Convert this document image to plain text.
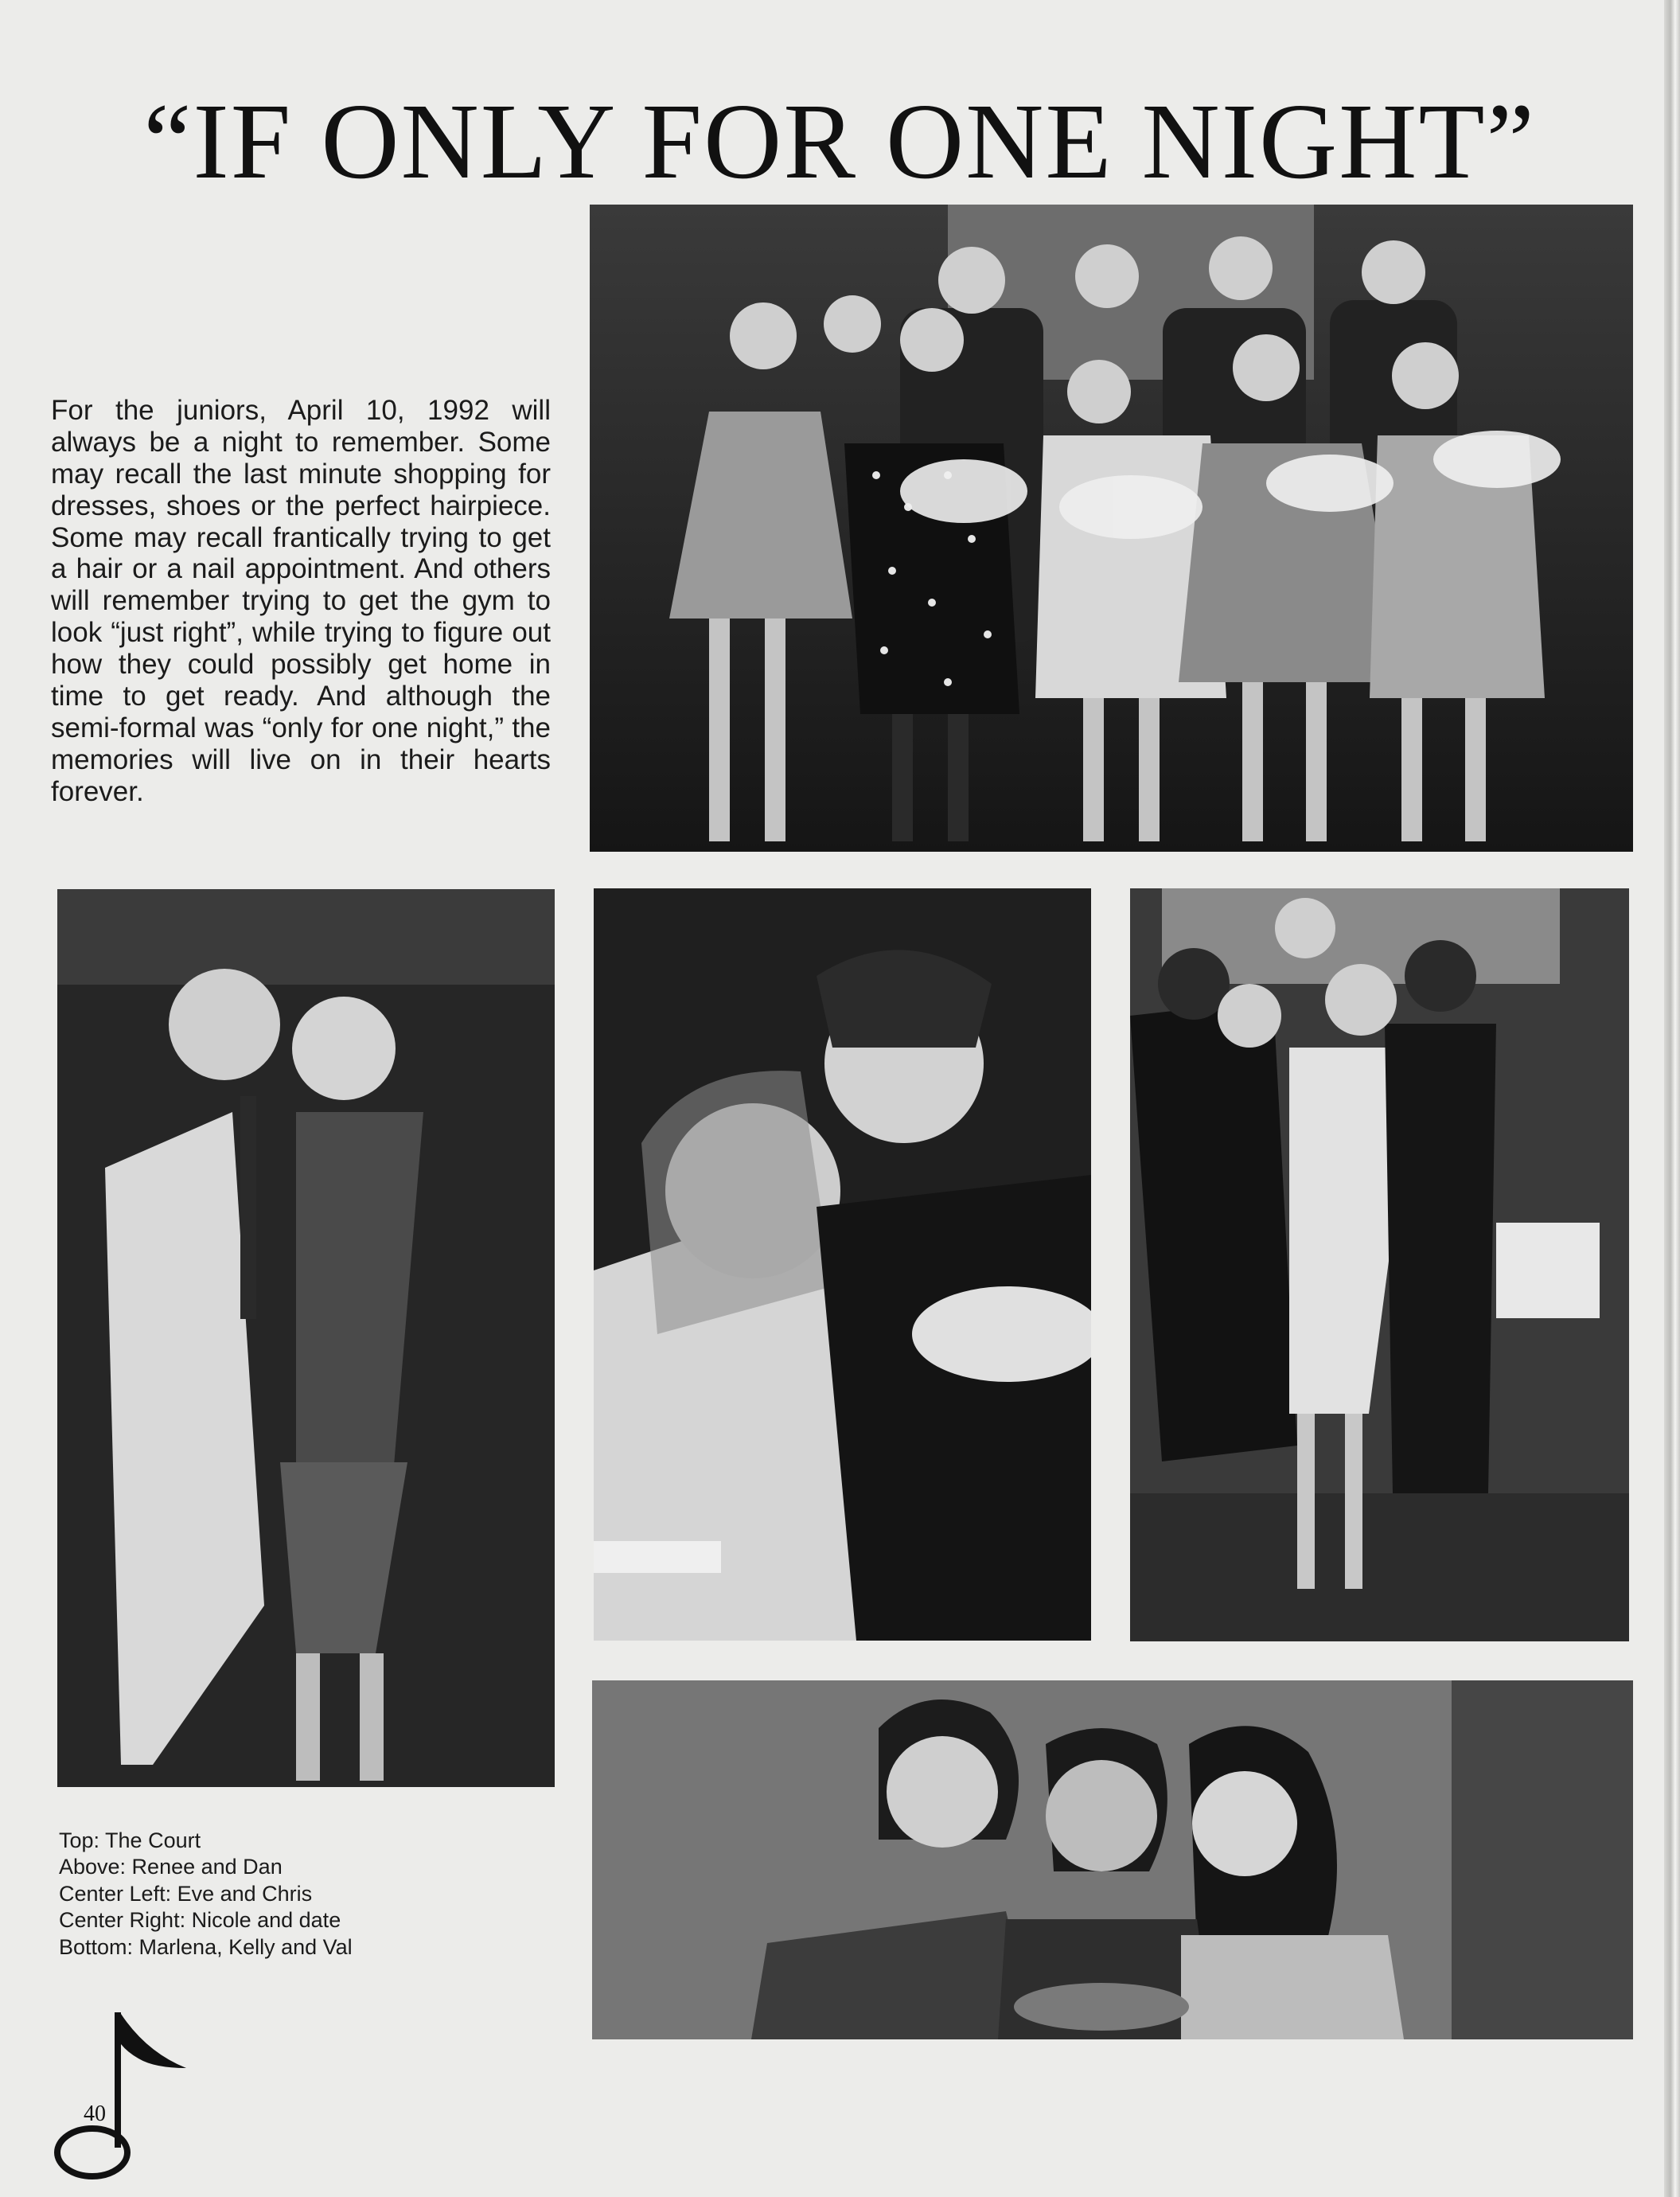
“IF ONLY FOR ONE NIGHT”
For the juniors, April 10, 1992 will always be a night to remember. Some may recall the last minute shopping for dresses, shoes or the perfect hairpiece. Some may recall frantically trying to get a hair or a nail appointment. And others will remember trying to get the gym to look “just right”, while trying to figure out how they could possibly get home in time to get ready. And although the semi-formal was “only for one night,” the memories will live on in their hearts forever.
Top: The Court
Above: Renee and Dan
Center Left: Eve and Chris
Center Right: Nicole and date
Bottom: Marlena, Kelly and Val
40
